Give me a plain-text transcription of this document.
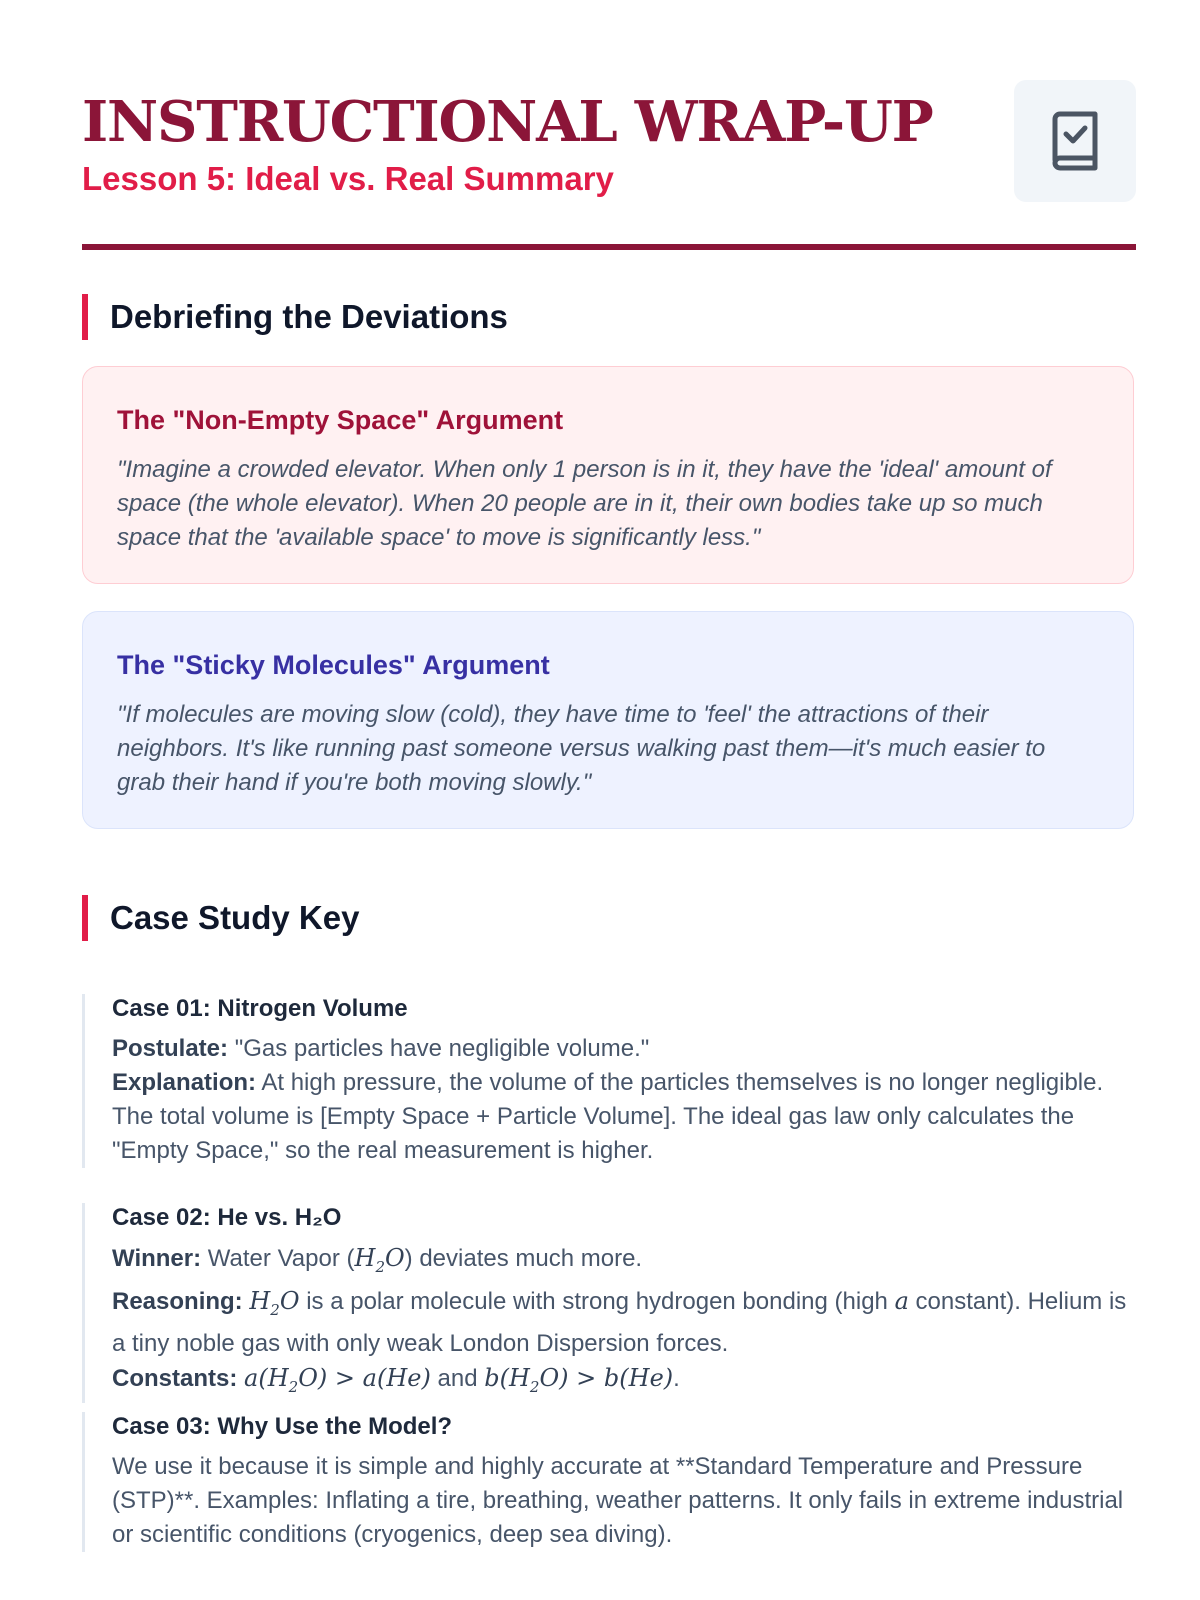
INSTRUCTIONAL WRAP-UP
Lesson 5: Ideal vs. Real Summary
Debriefing the Deviations
The "Non-Empty Space" Argument

"Imagine a crowded elevator. When only 1 person is in it, they have the 'ideal' amount of space (the whole elevator). When 20 people are in it, their own bodies take up so much space that the 'available space' to move is significantly less."

The "Sticky Molecules" Argument

"If molecules are moving slow (cold), they have time to 'feel' the attractions of their neighbors. It's like running past someone versus walking past them—it's much easier to grab their hand if you're both moving slowly."

Case Study Key
Case 01: Nitrogen Volume
Postulate: "Gas particles have negligible volume."
Explanation: At high pressure, the volume of the particles themselves is no longer negligible. The total volume is [Empty Space + Particle Volume]. The ideal gas law only calculates the "Empty Space," so the real measurement is higher.
Case 02: He vs. H₂O
Winner: Water Vapor $(H_2O)$ deviates much more.
Reasoning: $H_2O$ is a polar molecule with strong hydrogen bonding (high a constant). Helium is a tiny noble gas with only weak London Dispersion forces.
Constants: $a(H_2O) > a(He)$ and $b(H_2O) > b(He)$.
Case 03: Why Use the Model?
We use it because it is simple and highly accurate at **Standard Temperature and Pressure (STP)**. Examples: Inflating a tire, breathing, weather patterns. It only fails in extreme industrial or scientific conditions (cryogenics, deep sea diving).
